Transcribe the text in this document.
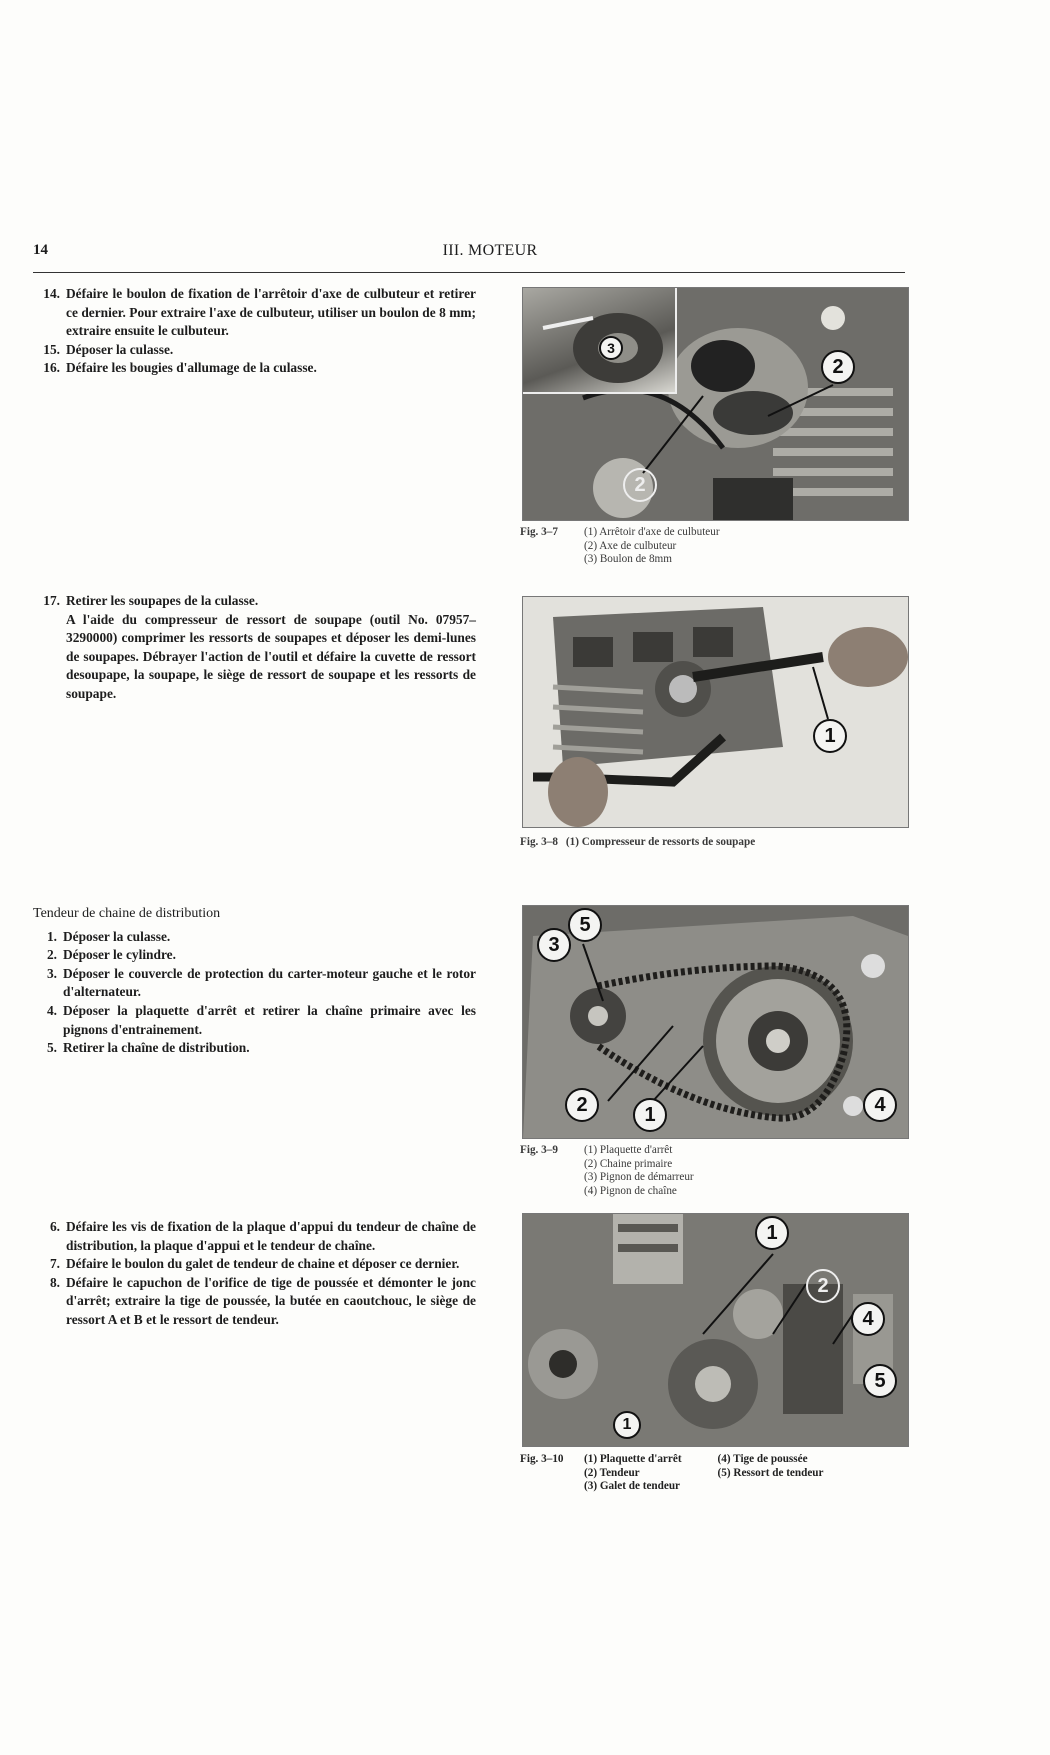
14	III. MOTEUR
14. Défaire le boulon de fixation de l'arrêtoir d'axe de culbuteur et retirer ce dernier. Pour extraire l'axe de culbuteur, utiliser un boulon de 8 mm; extraire ensuite le culbuteur.
15. Déposer la culasse.
16. Défaire les bougies d'allumage de la culasse.
17. Retirer les soupapes de la culasse.
A l'aide du compresseur de ressort de soupape (outil No. 07957–3290000) comprimer les ressorts de soupapes et déposer les demi-lunes de soupapes. Débrayer l'action de l'outil et défaire la cuvette de ressort desoupape, la soupape, le siège de ressort de soupape et les ressorts de soupape.
Tendeur de chaine de distribution
1. Déposer la culasse.
2. Déposer le cylindre.
3. Déposer le couvercle de protection du carter-moteur gauche et le rotor d'alternateur.
4. Déposer la plaquette d'arrêt et retirer la chaîne primaire avec les pignons d'entrainement.
5. Retirer la chaîne de distribution.
6. Défaire les vis de fixation de la plaque d'appui du tendeur de chaîne de distribution, la plaque d'appui et le tendeur de chaîne.
7. Défaire le boulon du galet de tendeur de chaine et déposer ce dernier.
8. Défaire le capuchon de l'orifice de tige de poussée et démonter le jonc d'arrêt; extraire la tige de poussée, la butée en caoutchouc, le siège de ressort A et B et le ressort de tendeur.
3
2
2
Fig. 3–7 (1) Arrêtoir d'axe de culbuteur
(2) Axe de culbuteur
(3) Boulon de 8mm
1
Fig. 3–8 (1) Compresseur de ressorts de soupape
5
3
2	1	4
Fig. 3–9 (1) Plaquette d'arrêt
(2) Chaine primaire
(3) Pignon de démarreur
(4) Pignon de chaîne
1
2
4
5
1
Fig. 3–10 (1) Plaquette d'arrêt
(2) Tendeur
(3) Galet de tendeur
(4) Tige de poussée
(5) Ressort de tendeur
